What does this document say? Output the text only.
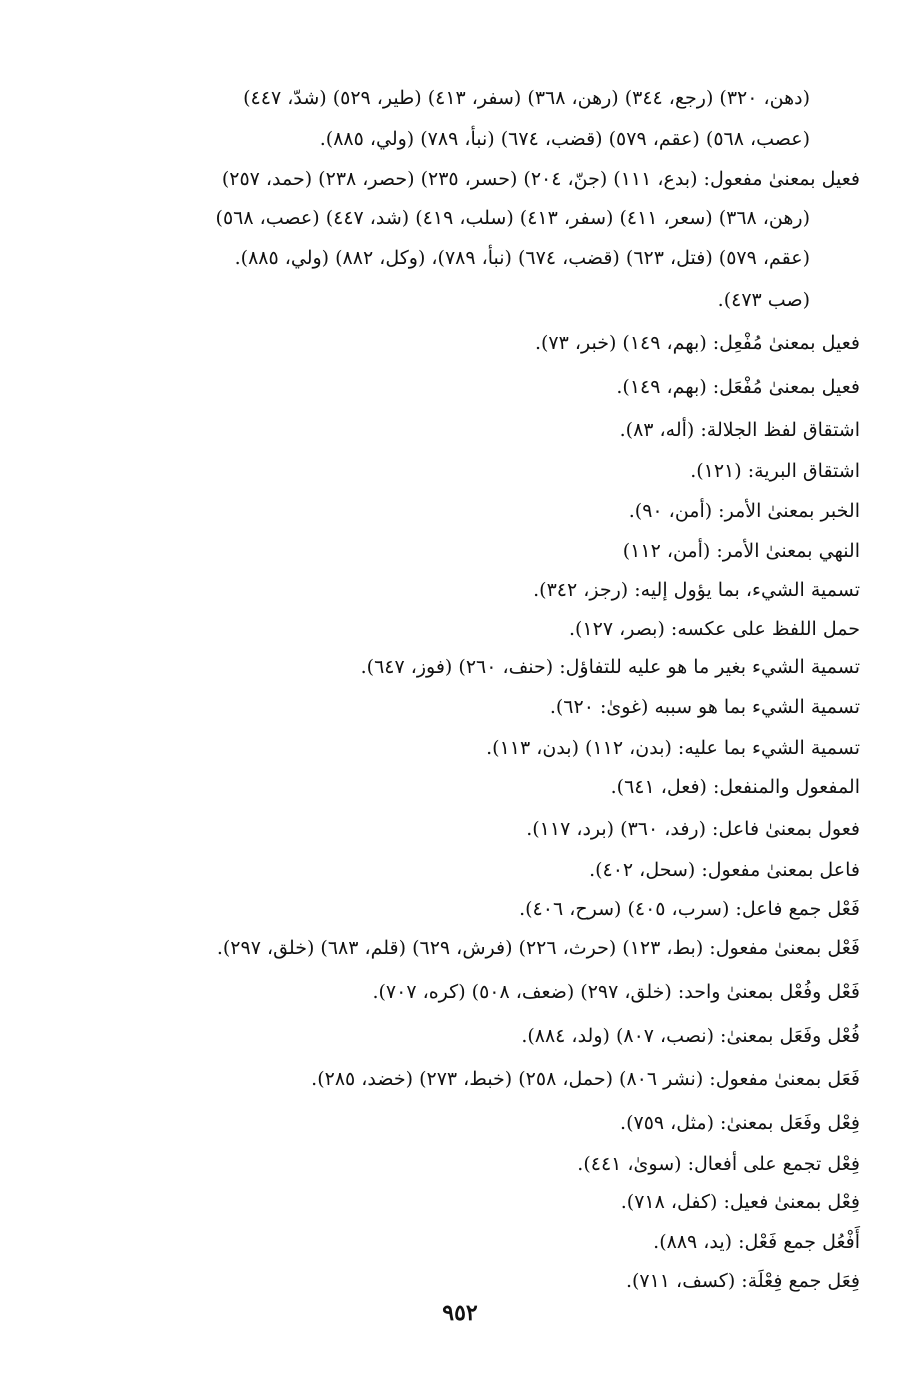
(دهن، ٣٢٠) (رجع، ٣٤٤) (رهن، ٣٦٨) (سفر، ٤١٣) (طير، ٥٢٩) (شدّ، ٤٤٧)
(عصب، ٥٦٨) (عقم، ٥٧٩) (قضب، ٦٧٤) (نبأ، ٧٨٩) (ولي، ٨٨٥).
فعيل بمعنىٰ مفعول: (بدع، ١١١) (جنّ، ٢٠٤) (حسر، ٢٣٥) (حصر، ٢٣٨) (حمد، ٢٥٧)
(رهن، ٣٦٨) (سعر، ٤١١) (سفر، ٤١٣) (سلب، ٤١٩) (شد، ٤٤٧) (عصب، ٥٦٨)
(عقم، ٥٧٩) (فتل، ٦٢٣) (قضب، ٦٧٤) (نبأ، ٧٨٩)، (وكل، ٨٨٢) (ولي، ٨٨٥).
(صب ٤٧٣).
فعيل بمعنىٰ مُفْعِل: (بهم، ١٤٩) (خبر، ٧٣).
فعيل بمعنىٰ مُفْعَل: (بهم، ١٤٩).
اشتقاق لفظ الجلالة: (أله، ٨٣).
اشتقاق البرية: (١٢١).
الخبر بمعنىٰ الأمر: (أمن، ٩٠).
النهي بمعنىٰ الأمر: (أمن، ١١٢)
تسمية الشيء، بما يؤول إليه: (رجز، ٣٤٢).
حمل اللفظ على عكسه: (بصر، ١٢٧).
تسمية الشيء بغير ما هو عليه للتفاؤل: (حنف، ٢٦٠) (فوز، ٦٤٧).
تسمية الشيء بما هو سببه (غوىٰ: ٦٢٠).
تسمية الشيء بما عليه: (بدن، ١١٢) (بدن، ١١٣).
المفعول والمنفعل: (فعل، ٦٤١).
فعول بمعنىٰ فاعل: (رفد، ٣٦٠) (برد، ١١٧).
فاعل بمعنىٰ مفعول: (سحل، ٤٠٢).
فَعْل جمع فاعل: (سرب، ٤٠٥) (سرح، ٤٠٦).
فَعْل بمعنىٰ مفعول: (بط، ١٢٣) (حرث، ٢٢٦) (فرش، ٦٢٩) (قلم، ٦٨٣) (خلق، ٢٩٧).
فَعْل وفُعْل بمعنىٰ واحد: (خلق، ٢٩٧) (ضعف، ٥٠٨) (كره، ٧٠٧).
فُعْل وفَعَل بمعنىٰ: (نصب، ٨٠٧) (ولد، ٨٨٤).
فَعَل بمعنىٰ مفعول: (نشر ٨٠٦) (حمل، ٢٥٨) (خبط، ٢٧٣) (خضد، ٢٨٥).
فِعْل وفَعَل بمعنىٰ: (مثل، ٧٥٩).
فِعْل تجمع على أفعال: (سوىٰ، ٤٤١).
فِعْل بمعنىٰ فعيل: (كفل، ٧١٨).
أَفْعُل جمع فَعْل: (يد، ٨٨٩).
فِعَل جمع فِعْلَة: (كسف، ٧١١).
٩٥٢
